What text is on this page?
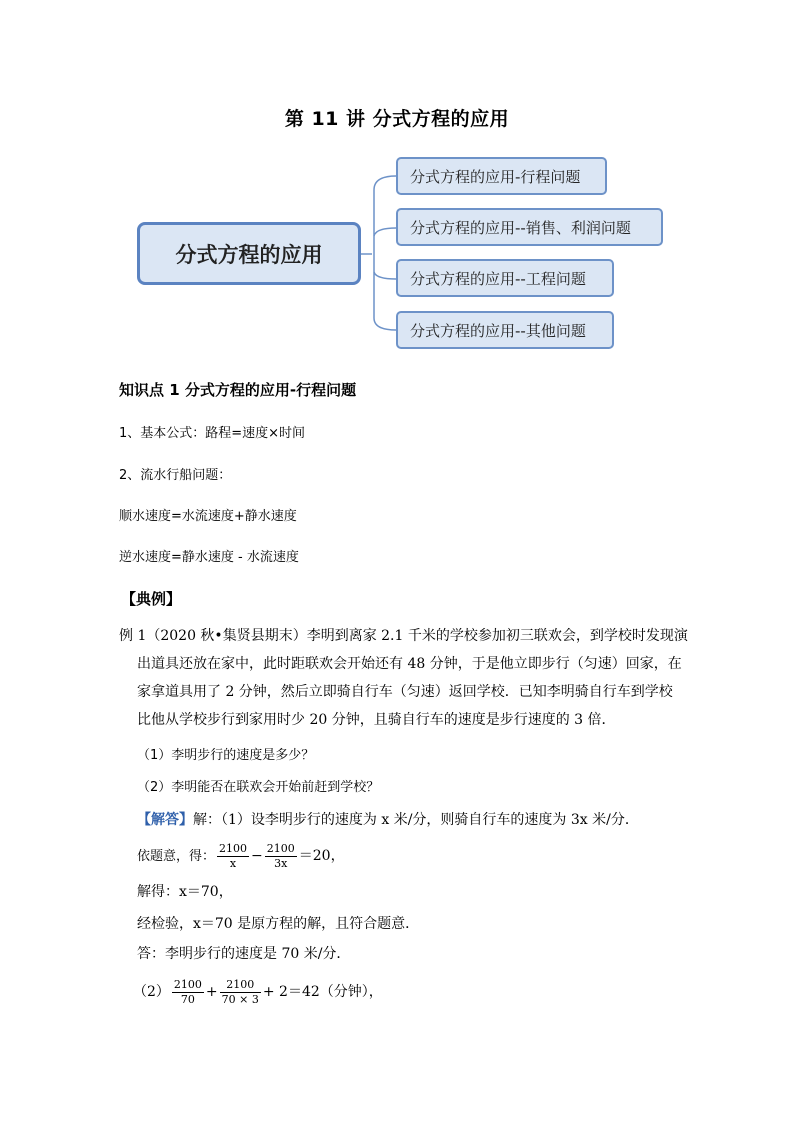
第 11 讲 分式方程的应用
分式方程的应用
分式方程的应用-行程问题
分式方程的应用--销售、利润问题
分式方程的应用--工程问题
分式方程的应用--其他问题
知识点 1 分式方程的应用-行程问题
1、基本公式：路程=速度×时间
2、流水行船问题：
顺水速度=水流速度+静水速度
逆水速度=静水速度 - 水流速度
【典例】
例 1（2020 秋•集贤县期末）李明到离家 2.1 千米的学校参加初三联欢会，到学校时发现演
出道具还放在家中，此时距联欢会开始还有 48 分钟，于是他立即步行（匀速）回家，在
家拿道具用了 2 分钟，然后立即骑自行车（匀速）返回学校．已知李明骑自行车到学校
比他从学校步行到家用时少 20 分钟，且骑自行车的速度是步行速度的 3 倍．
（1）李明步行的速度是多少？
（2）李明能否在联欢会开始前赶到学校？
【解答】解：（1）设李明步行的速度为 x 米/分，则骑自行车的速度为 3x 米/分．
依题意，得： $\frac{2100}{x} - \frac{2100}{3x} =20$，
解得：x＝70，
经检验，x＝70 是原方程的解，且符合题意．
答：李明步行的速度是 70 米/分．
$(2) \frac{2100}{70} + \frac{2100}{70 \times 3} + 2=42$（分钟），
